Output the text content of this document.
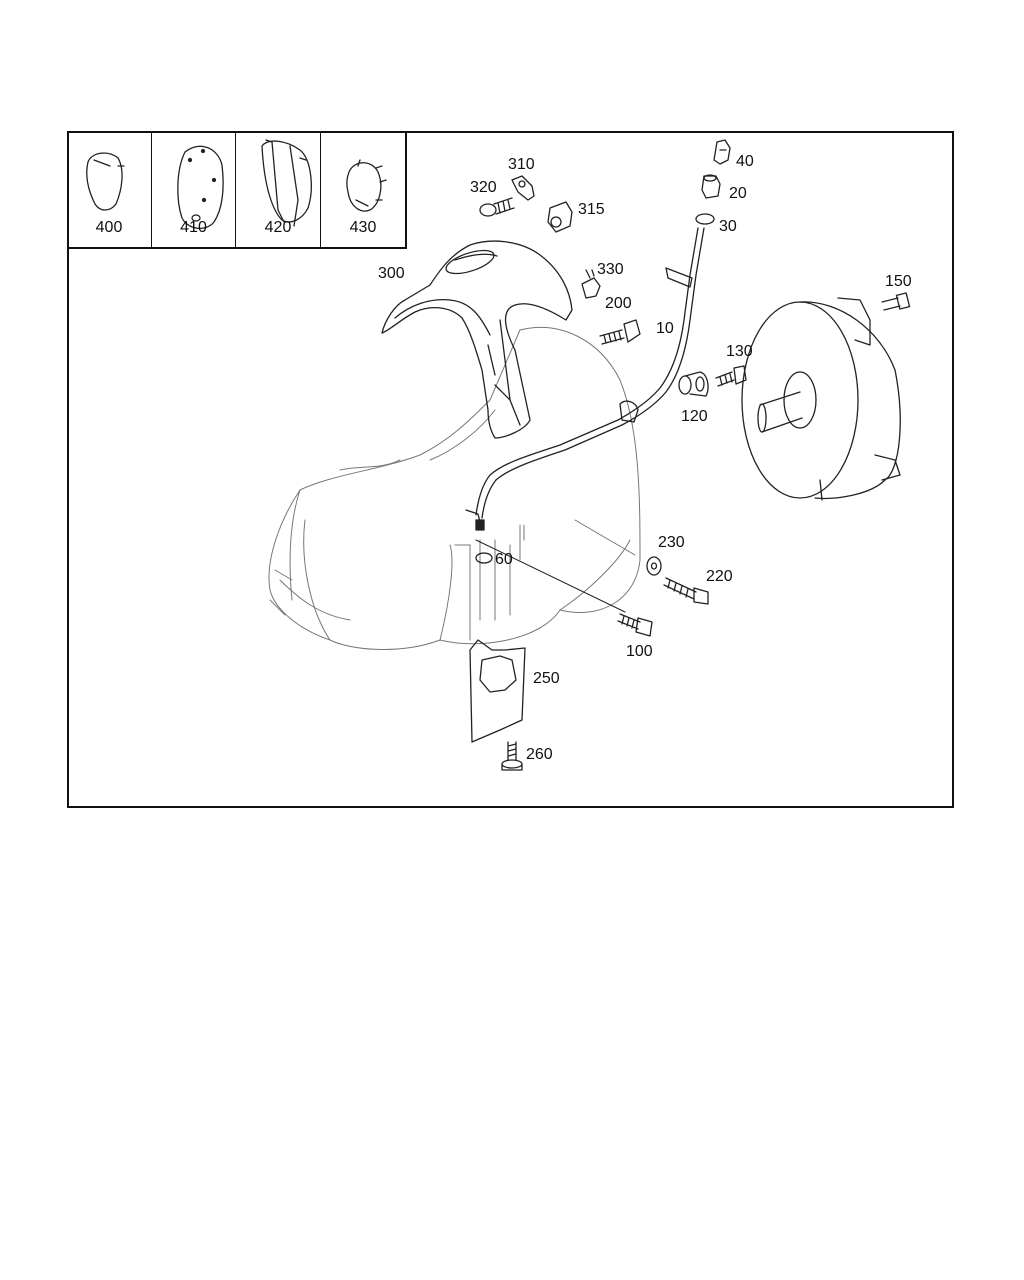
400	410	420	430
40
20
30
310
320
315
300	330
200
10
150
130
120
230
220
60
100
250
260
